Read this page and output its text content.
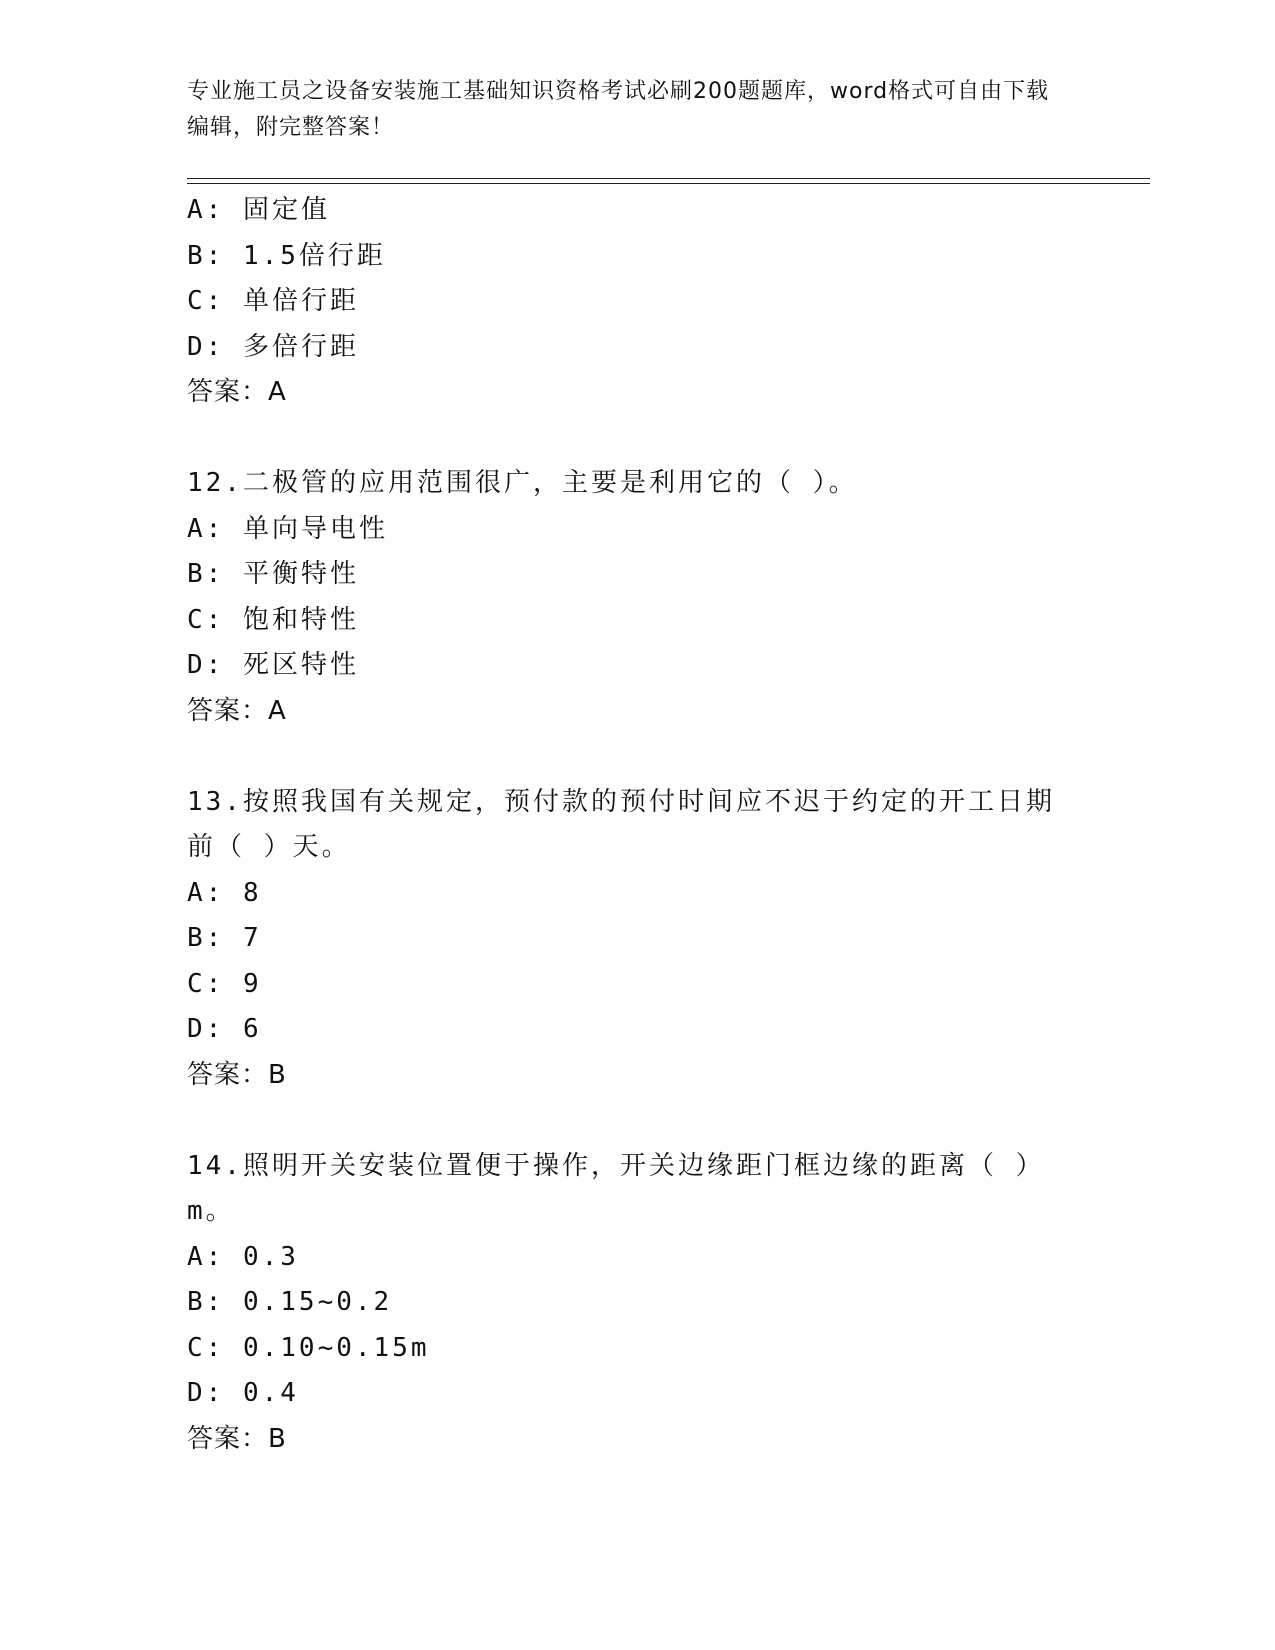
专业施工员之设备安装施工基础知识资格考试必刷200题题库，word格式可自由下载编辑，附完整答案！
A: 固定值
B: 1.5倍行距
C: 单倍行距
D: 多倍行距
答案：A
12.二极管的应用范围很广，主要是利用它的（ ）。
A: 单向导电性
B: 平衡特性
C: 饱和特性
D: 死区特性
答案：A
13.按照我国有关规定，预付款的预付时间应不迟于约定的开工日期前（ ）天。
A: 8
B: 7
C: 9
D: 6
答案：B
14.照明开关安装位置便于操作，开关边缘距门框边缘的距离（ ）m。
A: 0.3
B: 0.15~0.2
C: 0.10~0.15m
D: 0.4
答案：B
